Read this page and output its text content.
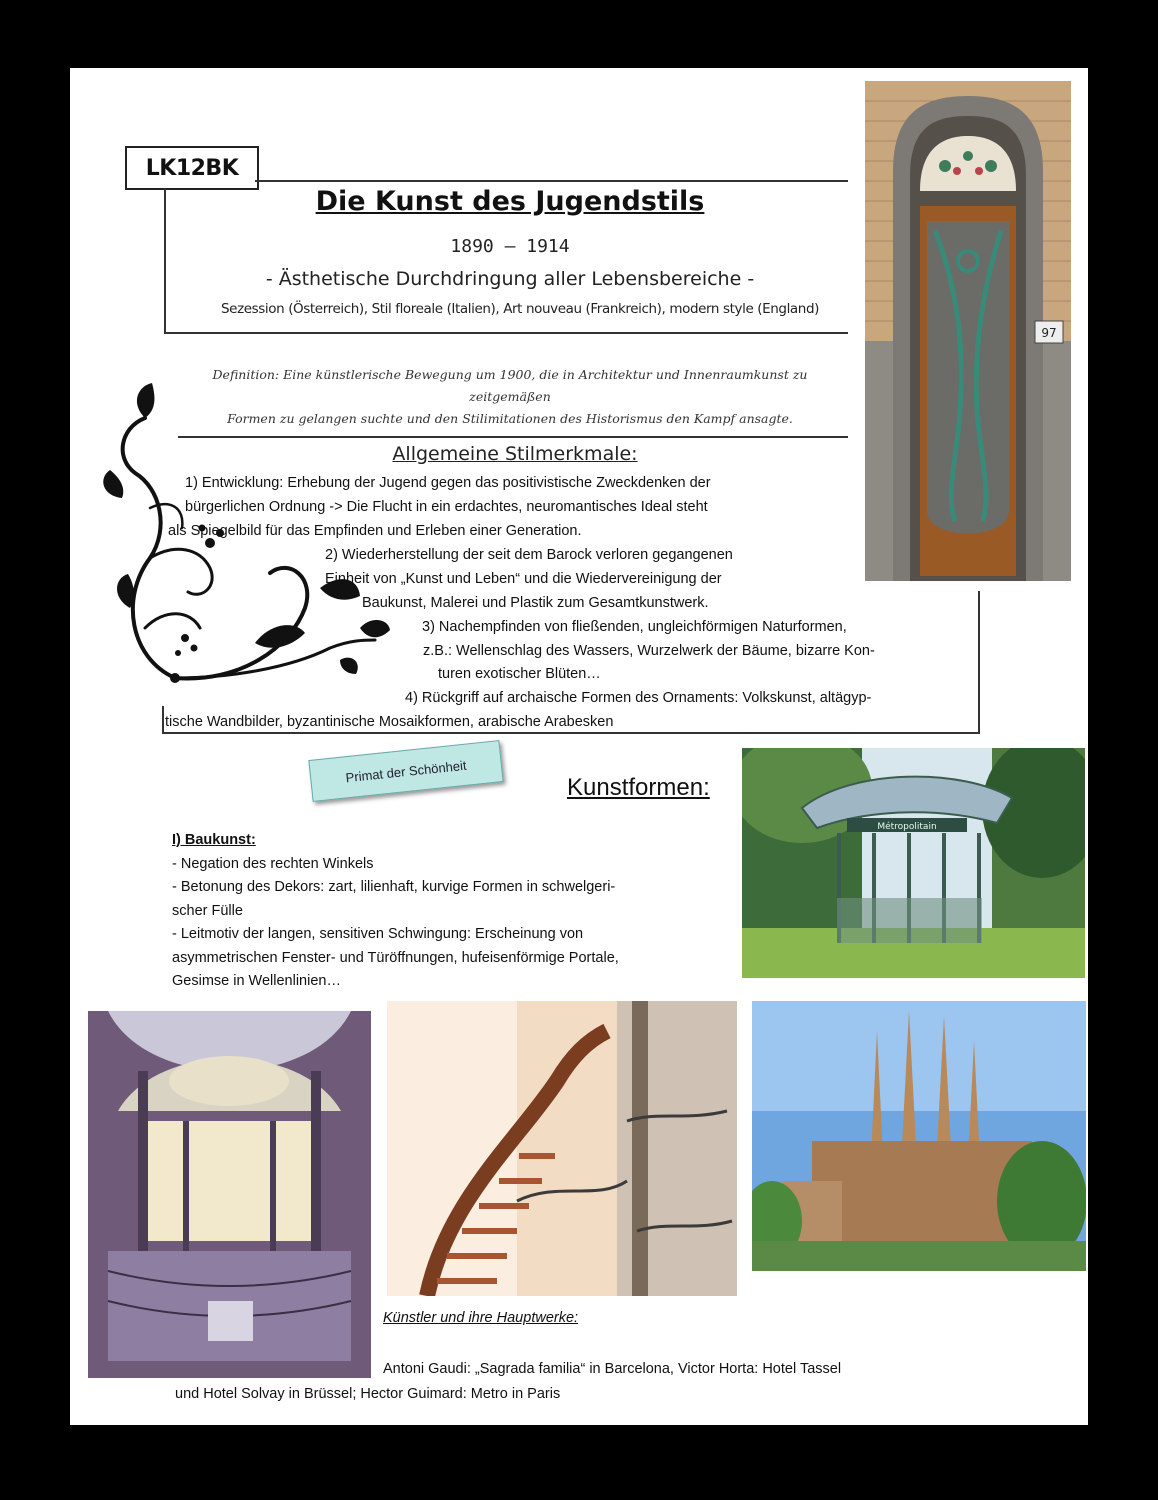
LK12BK
Die Kunst des Jugendstils
1890 – 1914
- Ästhetische Durchdringung aller Lebensbereiche -
Sezession (Österreich), Stil floreale (Italien), Art nouveau (Frankreich), modern style (England)
Definition: Eine künstlerische Bewegung um 1900, die in Architektur und Innenraumkunst zu zeitgemäßen
Formen zu gelangen suchte und den Stilimitationen des Historismus den Kampf ansagte.
Allgemeine Stilmerkmale:
1) Entwicklung: Erhebung der Jugend gegen das positivistische Zweckdenken der
bürgerlichen Ordnung -> Die Flucht in ein erdachtes, neuromantisches Ideal steht
als Spiegelbild für das Empfinden und Erleben einer Generation.
2) Wiederherstellung der seit dem Barock verloren gegangenen
Einheit von „Kunst und Leben“ und die Wiedervereinigung der
Baukunst, Malerei und Plastik zum Gesamtkunstwerk.
3) Nachempfinden von fließenden, ungleichförmigen Naturformen,
z.B.: Wellenschlag des Wassers, Wurzelwerk der Bäume, bizarre Kon-
turen exotischer Blüten…
4) Rückgriff auf archaische Formen des Ornaments: Volkskunst, altägyp-
tische Wandbilder, byzantinische Mosaikformen, arabische Arabesken
97
Primat der Schönheit
Kunstformen:
Métropolitain
I) Baukunst:
- Negation des rechten Winkels
- Betonung des Dekors: zart, lilienhaft, kurvige Formen in schwelgeri-
scher Fülle
- Leitmotiv der langen, sensitiven Schwingung: Erscheinung von
asymmetrischen Fenster- und Türöffnungen, hufeisenförmige Portale,
Gesimse in Wellenlinien…
Künstler und ihre Hauptwerke:
Antoni Gaudi: „Sagrada familia“ in Barcelona, Victor Horta: Hotel Tassel
und Hotel Solvay in Brüssel; Hector Guimard: Metro in Paris
